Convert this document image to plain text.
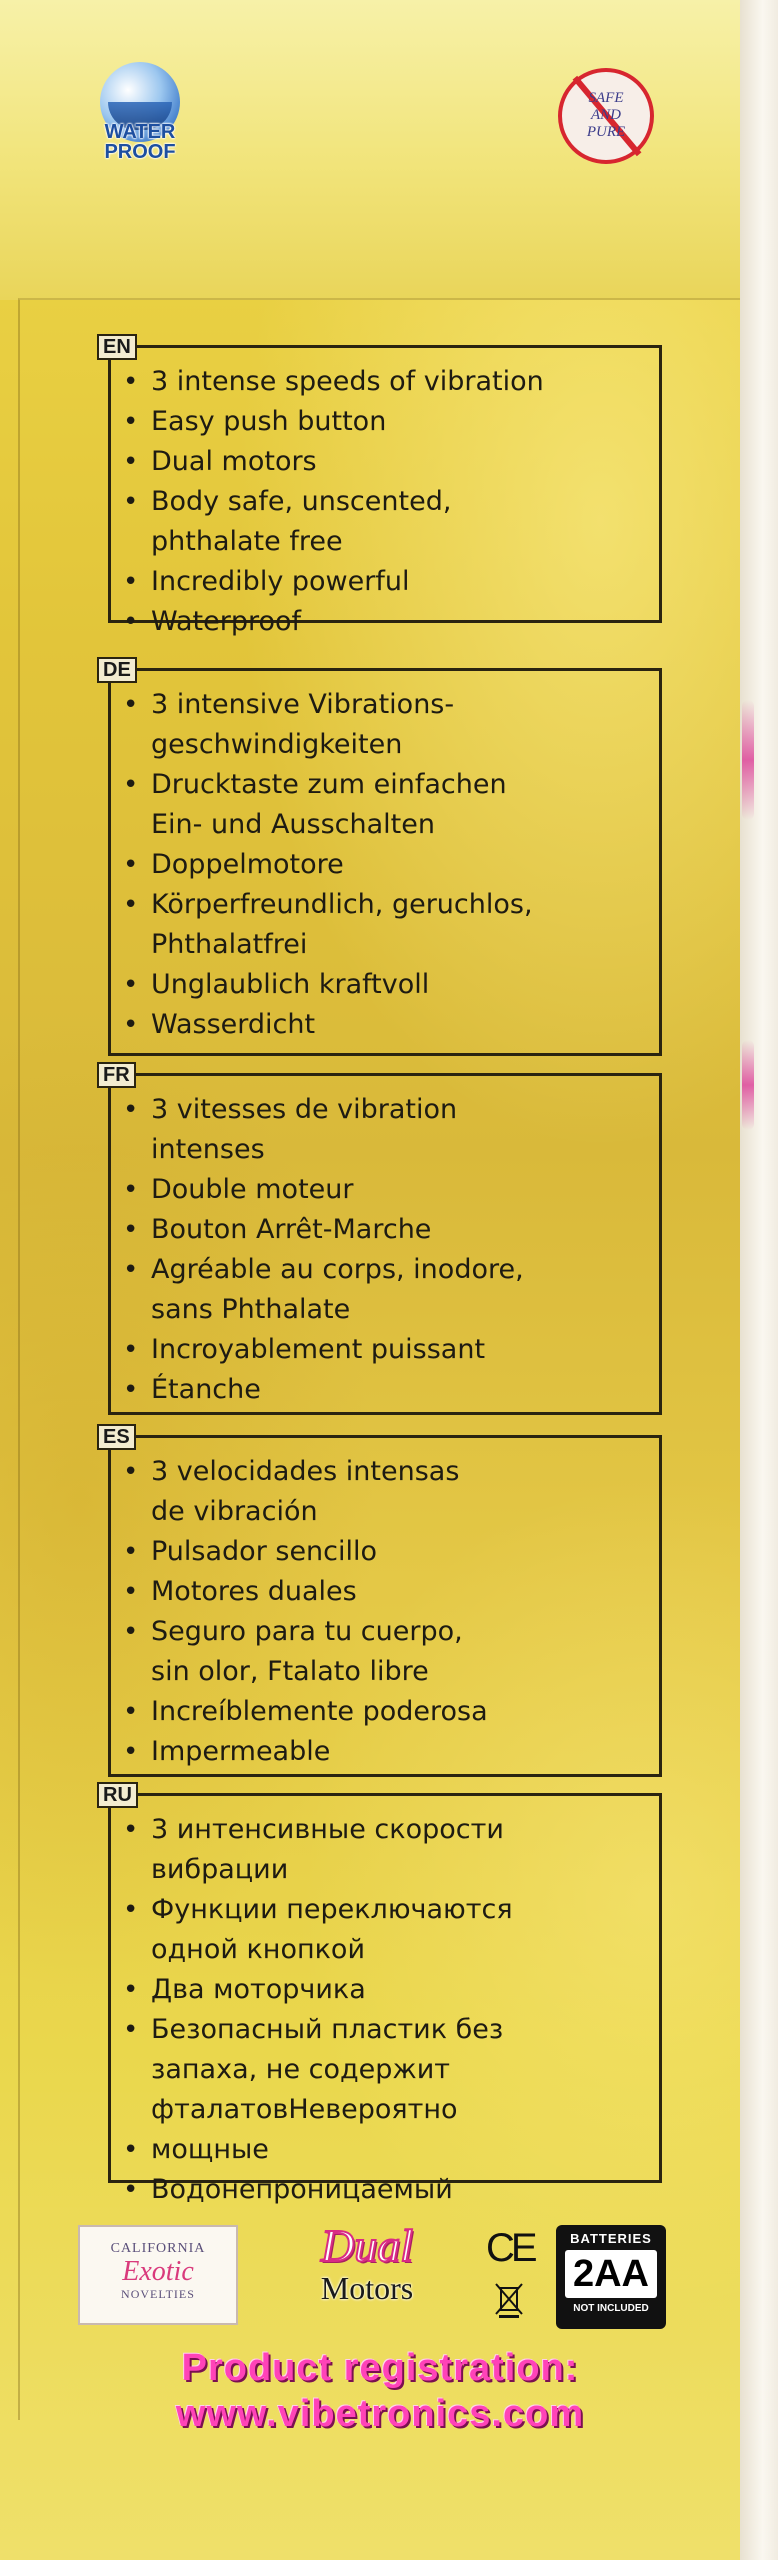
WATER
PROOF
SAFE
AND
PURE
EN
• 3 intense speeds of vibration
• Easy push button
• Dual motors
• Body safe, unscented,
phthalate free
• Incredibly powerful
• Waterproof
DE
• 3 intensive Vibrations-
geschwindigkeiten
• Drucktaste zum einfachen
Ein- und Ausschalten
• Doppelmotore
• Körperfreundlich, geruchlos,
Phthalatfrei
• Unglaublich kraftvoll
• Wasserdicht
FR
• 3 vitesses de vibration
intenses
• Double moteur
• Bouton Arrêt-Marche
• Agréable au corps, inodore,
sans Phthalate
• Incroyablement puissant
• Étanche
ES
• 3 velocidades intensas
de vibración
• Pulsador sencillo
• Motores duales
• Seguro para tu cuerpo,
sin olor, Ftalato libre
• Increíblemente poderosa
• Impermeable
RU
• 3 интенсивные скорости
вибрации
• Функции переключаются
одной кнопкой
• Два моторчика
• Безопасный пластик без
запаха, не содержит
фталатовНевероятно
• мощные
• Водонепроницаемый
CALIFORNIA
Exotic
NOVELTIES
Dual
Motors
CE	BATTERIES
2AA
NOT INCLUDED
Product registration:
www.vibetronics.com
